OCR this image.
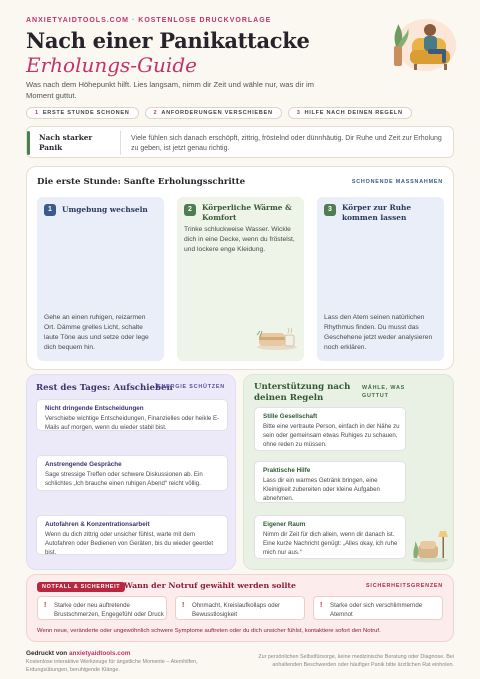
ANXIETYAIDTOOLS.COM · KOSTENLOSE DRUCKVORLAGE
Nach einer Panikattacke
Erholungs-Guide
Was nach dem Höhepunkt hilft. Lies langsam, nimm dir Zeit und wähle nur, was dir im Moment guttut.
1 ERSTE STUNDE SCHONEN	2 ANFORDERUNGEN VERSCHIEBEN	3 HILFE NACH DEINEN REGELN
Nach starker Panik
Viele fühlen sich danach erschöpft, zittrig, fröstelnd oder dünnhäutig. Dir Ruhe und Zeit zur Erholung zu geben, ist jetzt genau richtig.
Die erste Stunde: Sanfte Erholungsschritte	SCHONENDE MASSNAHMEN
1	Umgebung wechseln
Gehe an einen ruhigen, reizarmen Ort. Dämme grelles Licht, schalte laute Töne aus und setze oder lege dich bequem hin.
2	Körperliche Wärme & Komfort
Trinke schluckweise Wasser. Wickle dich in eine Decke, wenn du fröstelst, und lockere enge Kleidung.
3	Körper zur Ruhe kommen lassen
Lass den Atem seinen natürlichen Rhythmus finden. Du musst das Geschehene jetzt weder analysieren noch erklären.
Rest des Tages: Aufschieben
ENERGIE SCHÜTZEN
Nicht dringende Entscheidungen
Verschiebe wichtige Entscheidungen, Finanzielles oder heikle E-Mails auf morgen, wenn du wieder stabil bist.
Anstrengende Gespräche
Sage stressige Treffen oder schwere Diskussionen ab. Ein schlichtes „Ich brauche einen ruhigen Abend“ reicht völlig.
Autofahren & Konzentrationsarbeit
Wenn du dich zittrig oder unsicher fühlst, warte mit dem Autofahren oder Bedienen von Geräten, bis du wieder geerdet bist.
Unterstützung nach deinen Regeln
WÄHLE, WAS GUTTUT
Stille Gesellschaft
Bitte eine vertraute Person, einfach in der Nähe zu sein oder gemeinsam etwas Ruhiges zu schauen, ohne reden zu müssen.
Praktische Hilfe
Lass dir ein warmes Getränk bringen, eine Kleinigkeit zubereiten oder kleine Aufgaben abnehmen.
Eigener Raum
Nimm dir Zeit für dich allein, wenn dir danach ist. Eine kurze Nachricht genügt: „Alles okay, ich ruhe mich nur aus.“
NOTFALL & SICHERHEIT Wann der Notruf gewählt werden sollte	SICHERHEITSGRENZEN
! Starke oder neu auftretende Brustschmerzen, Engegefühl oder Druck
! Ohnmacht, Kreislaufkollaps oder Bewusstlosigkeit
! Starke oder sich verschlimmernde Atemnot
Wenn neue, veränderte oder ungewöhnlich schwere Symptome auftreten oder du dich unsicher fühlst, kontaktiere sofort den Notruf.
Gedruckt von anxietyaidtools.com
Kostenlose interaktive Werkzeuge für ängstliche Momente – Atemhilfen, Erdungsübungen, beruhigende Klänge.
Zur persönlichen Selbstfürsorge, keine medizinische Beratung oder Diagnose. Bei anhaltenden Beschwerden oder häufiger Panik bitte ärztlichen Rat einholen.
